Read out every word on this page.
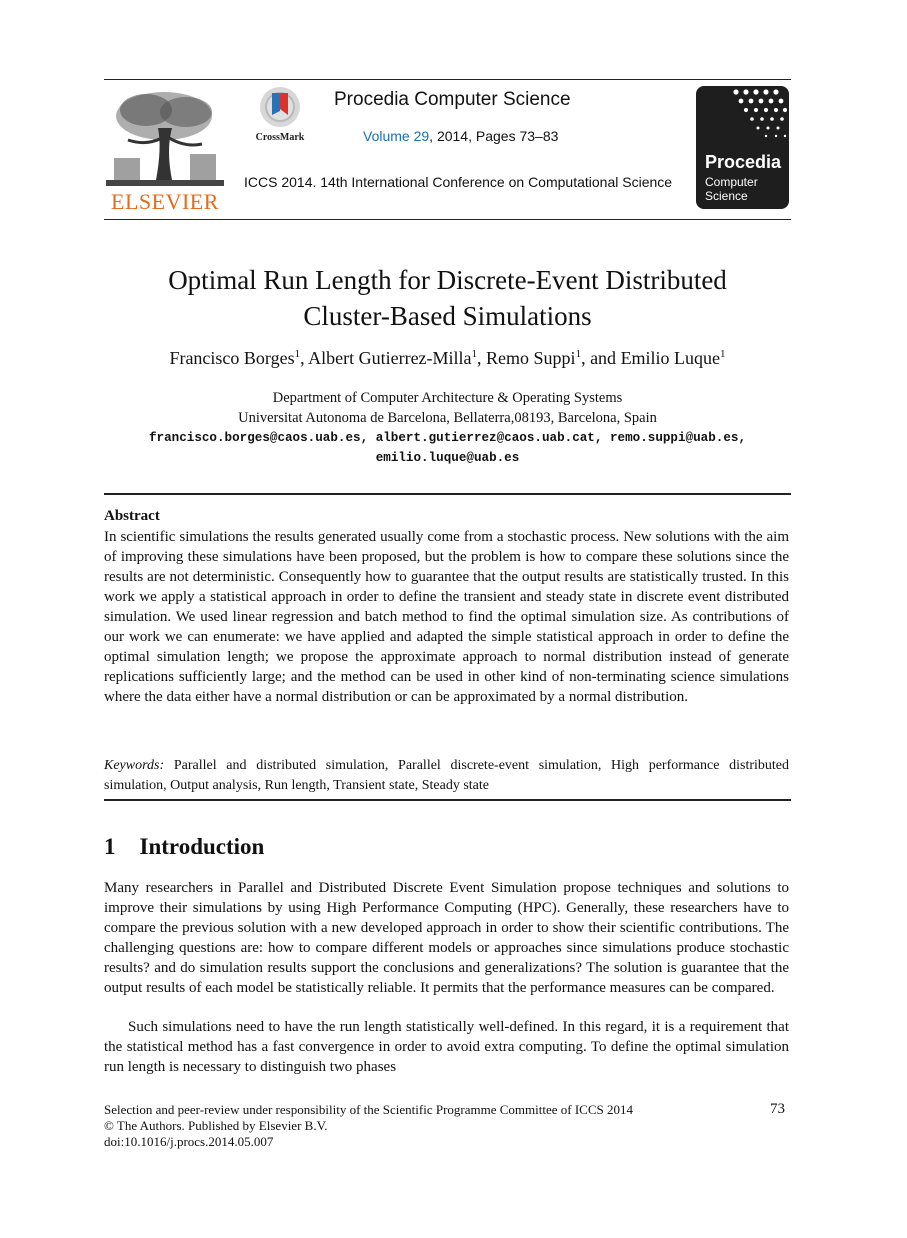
ELSEVIER
CrossMark
Procedia Computer Science
Volume 29, 2014, Pages 73–83
ICCS 2014. 14th International Conference on Computational Science
Procedia
Computer
Science
Optimal Run Length for Discrete-Event Distributed
Cluster-Based Simulations
Francisco Borges$^1$, Albert Gutierrez-Milla$^1$, Remo Suppi$^1$, and Emilio Luque$^1$
Department of Computer Architecture & Operating Systems
Universitat Autonoma de Barcelona, Bellaterra,08193, Barcelona, Spain
francisco.borges@caos.uab.es, albert.gutierrez@caos.uab.cat, remo.suppi@uab.es,
emilio.luque@uab.es
Abstract

In scientific simulations the results generated usually come from a stochastic process. New solutions with the aim of improving these simulations have been proposed, but the problem is how to compare these solutions since the results are not deterministic. Consequently how to guarantee that the output results are statistically trusted. In this work we apply a statistical approach in order to define the transient and steady state in discrete event distributed simulation. We used linear regression and batch method to find the optimal simulation size. As contributions of our work we can enumerate: we have applied and adapted the simple statistical approach in order to define the optimal simulation length; we propose the approximate approach to normal distribution instead of generate replications sufficiently large; and the method can be used in other kind of non-terminating science simulations where the data either have a normal distribution or can be approximated by a normal distribution.

Keywords: Parallel and distributed simulation, Parallel discrete-event simulation, High performance distributed simulation, Output analysis, Run length, Transient state, Steady state

1 Introduction

Many researchers in Parallel and Distributed Discrete Event Simulation propose techniques and solutions to improve their simulations by using High Performance Computing (HPC). Generally, these researchers have to compare the previous solution with a new developed approach in order to show their scientific contributions. The challenging questions are: how to compare different models or approaches since simulations produce stochastic results? and do simulation results support the conclusions and generalizations? The solution is guarantee that the output results of each model be statistically reliable. It permits that the performance measures can be compared.

Such simulations need to have the run length statistically well-defined. In this regard, it is a requirement that the statistical method has a fast convergence in order to avoid extra computing. To define the optimal simulation run length is necessary to distinguish two phases

Selection and peer-review under responsibility of the Scientific Programme Committee of ICCS 2014
© The Authors. Published by Elsevier B.V.
doi:10.1016/j.procs.2014.05.007
73
